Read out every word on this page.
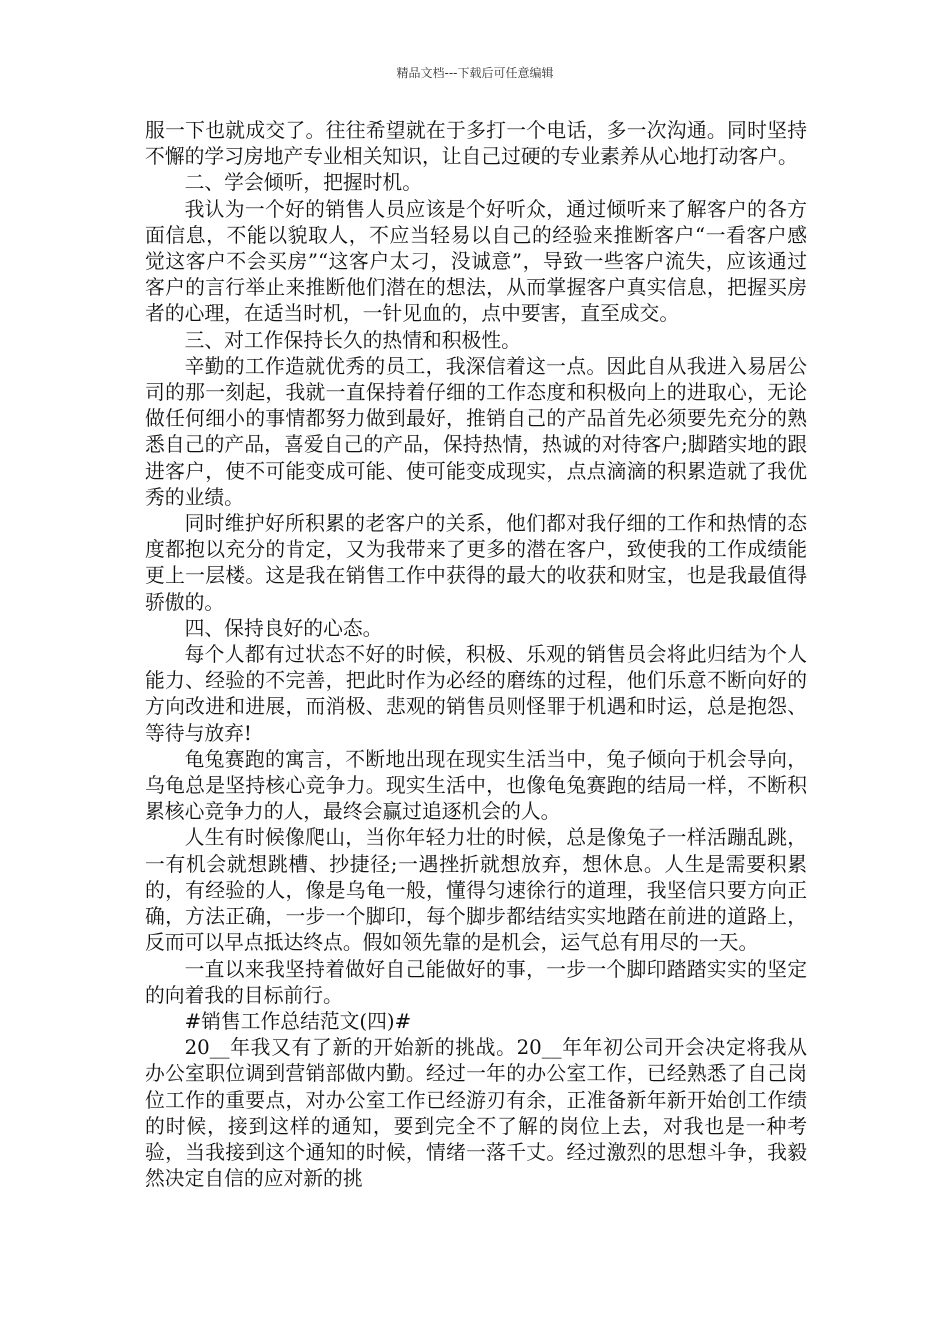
精品文档---下载后可任意编辑

服一下也就成交了。往往希望就在于多打一个电话，多一次沟通。同时坚持不懈的学习房地产专业相关知识，让自己过硬的专业素养从心地打动客户。

二、学会倾听，把握时机。

我认为一个好的销售人员应该是个好听众，通过倾听来了解客户的各方面信息，不能以貌取人，不应当轻易以自己的经验来推断客户“一看客户感觉这客户不会买房”“这客户太刁，没诚意”，导致一些客户流失，应该通过客户的言行举止来推断他们潜在的想法，从而掌握客户真实信息，把握买房者的心理，在适当时机，一针见血的，点中要害，直至成交。

三、对工作保持长久的热情和积极性。

辛勤的工作造就优秀的员工，我深信着这一点。因此自从我进入易居公司的那一刻起，我就一直保持着仔细的工作态度和积极向上的进取心，无论做任何细小的事情都努力做到最好，推销自己的产品首先必须要先充分的熟悉自己的产品，喜爱自己的产品，保持热情，热诚的对待客户;脚踏实地的跟进客户，使不可能变成可能、使可能变成现实，点点滴滴的积累造就了我优秀的业绩。

同时维护好所积累的老客户的关系，他们都对我仔细的工作和热情的态度都抱以充分的肯定，又为我带来了更多的潜在客户，致使我的工作成绩能更上一层楼。这是我在销售工作中获得的最大的收获和财宝，也是我最值得骄傲的。

四、保持良好的心态。

每个人都有过状态不好的时候，积极、乐观的销售员会将此归结为个人能力、经验的不完善，把此时作为必经的磨练的过程，他们乐意不断向好的方向改进和进展，而消极、悲观的销售员则怪罪于机遇和时运，总是抱怨、等待与放弃!

龟兔赛跑的寓言，不断地出现在现实生活当中，兔子倾向于机会导向，乌龟总是坚持核心竞争力。现实生活中，也像龟兔赛跑的结局一样，不断积累核心竞争力的人，最终会赢过追逐机会的人。

人生有时候像爬山，当你年轻力壮的时候，总是像兔子一样活蹦乱跳，一有机会就想跳槽、抄捷径;一遇挫折就想放弃，想休息。人生是需要积累的，有经验的人，像是乌龟一般，懂得匀速徐行的道理，我坚信只要方向正确，方法正确，一步一个脚印，每个脚步都结结实实地踏在前进的道路上，反而可以早点抵达终点。假如领先靠的是机会，运气总有用尽的一天。

一直以来我坚持着做好自己能做好的事，一步一个脚印踏踏实实的坚定的向着我的目标前行。

#销售工作总结范文(四)#

20__年我又有了新的开始新的挑战。20__年年初公司开会决定将我从办公室职位调到营销部做内勤。经过一年的办公室工作，已经熟悉了自己岗位工作的重要点，对办公室工作已经游刃有余，正准备新年新开始创工作绩的时候，接到这样的通知，要到完全不了解的岗位上去，对我也是一种考验，当我接到这个通知的时候，情绪一落千丈。经过激烈的思想斗争，我毅然决定自信的应对新的挑
